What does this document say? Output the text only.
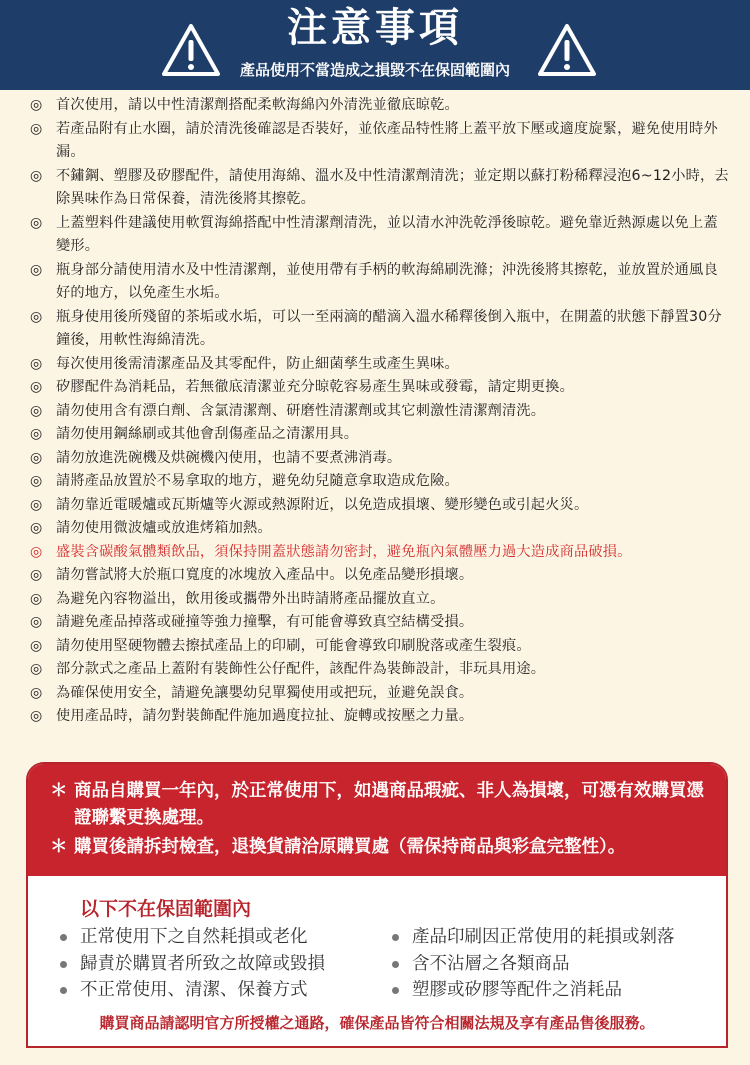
注意事項
產品使用不當造成之損毀不在保固範圍內
◎ 首次使用，請以中性清潔劑搭配柔軟海綿內外清洗並徹底晾乾。
◎ 若產品附有止水圈，請於清洗後確認是否裝好，並依產品特性將上蓋平放下壓或適度旋緊，避免使用時外漏。
◎ 不鏽鋼、塑膠及矽膠配件，請使用海綿、溫水及中性清潔劑清洗；並定期以蘇打粉稀釋浸泡6~12小時，去除異味作為日常保養，清洗後將其擦乾。
◎ 上蓋塑料件建議使用軟質海綿搭配中性清潔劑清洗，並以清水沖洗乾淨後晾乾。避免靠近熱源處以免上蓋變形。
◎ 瓶身部分請使用清水及中性清潔劑，並使用帶有手柄的軟海綿刷洗滌；沖洗後將其擦乾，並放置於通風良好的地方，以免產生水垢。
◎ 瓶身使用後所殘留的茶垢或水垢，可以一至兩滴的醋滴入溫水稀釋後倒入瓶中，在開蓋的狀態下靜置30分鐘後，用軟性海綿清洗。
◎ 每次使用後需清潔產品及其零配件，防止細菌孳生或產生異味。
◎ 矽膠配件為消耗品，若無徹底清潔並充分晾乾容易產生異味或發霉，請定期更換。
◎ 請勿使用含有漂白劑、含氯清潔劑、研磨性清潔劑或其它刺激性清潔劑清洗。
◎ 請勿使用鋼絲刷或其他會刮傷產品之清潔用具。
◎ 請勿放進洗碗機及烘碗機內使用，也請不要煮沸消毒。
◎ 請將產品放置於不易拿取的地方，避免幼兒隨意拿取造成危險。
◎ 請勿靠近電暖爐或瓦斯爐等火源或熱源附近，以免造成損壞、變形變色或引起火災。
◎ 請勿使用微波爐或放進烤箱加熱。
◎ 盛裝含碳酸氣體類飲品，須保持開蓋狀態請勿密封，避免瓶內氣體壓力過大造成商品破損。
◎ 請勿嘗試將大於瓶口寬度的冰塊放入產品中。以免產品變形損壞。
◎ 為避免內容物溢出，飲用後或攜帶外出時請將產品擺放直立。
◎ 請避免產品掉落或碰撞等強力撞擊，有可能會導致真空結構受損。
◎ 請勿使用堅硬物體去擦拭產品上的印刷，可能會導致印刷脫落或產生裂痕。
◎ 部分款式之產品上蓋附有裝飾性公仔配件，該配件為裝飾設計，非玩具用途。
◎ 為確保使用安全，請避免讓嬰幼兒單獨使用或把玩，並避免誤食。
◎ 使用產品時，請勿對裝飾配件施加過度拉扯、旋轉或按壓之力量。

＊ 商品自購買一年內，於正常使用下，如遇商品瑕疵、非人為損壞，可憑有效購買憑證聯繫更換處理。

＊ 購買後請拆封檢查，退換貨請洽原購買處（需保持商品與彩盒完整性）。

以下不在保固範圍內
正常使用下之自然耗損或老化
歸責於購買者所致之故障或毀損
不正常使用、清潔、保養方式
產品印刷因正常使用的耗損或剝落
含不沾層之各類商品
塑膠或矽膠等配件之消耗品
購買商品請認明官方所授權之通路，確保產品皆符合相關法規及享有產品售後服務。
